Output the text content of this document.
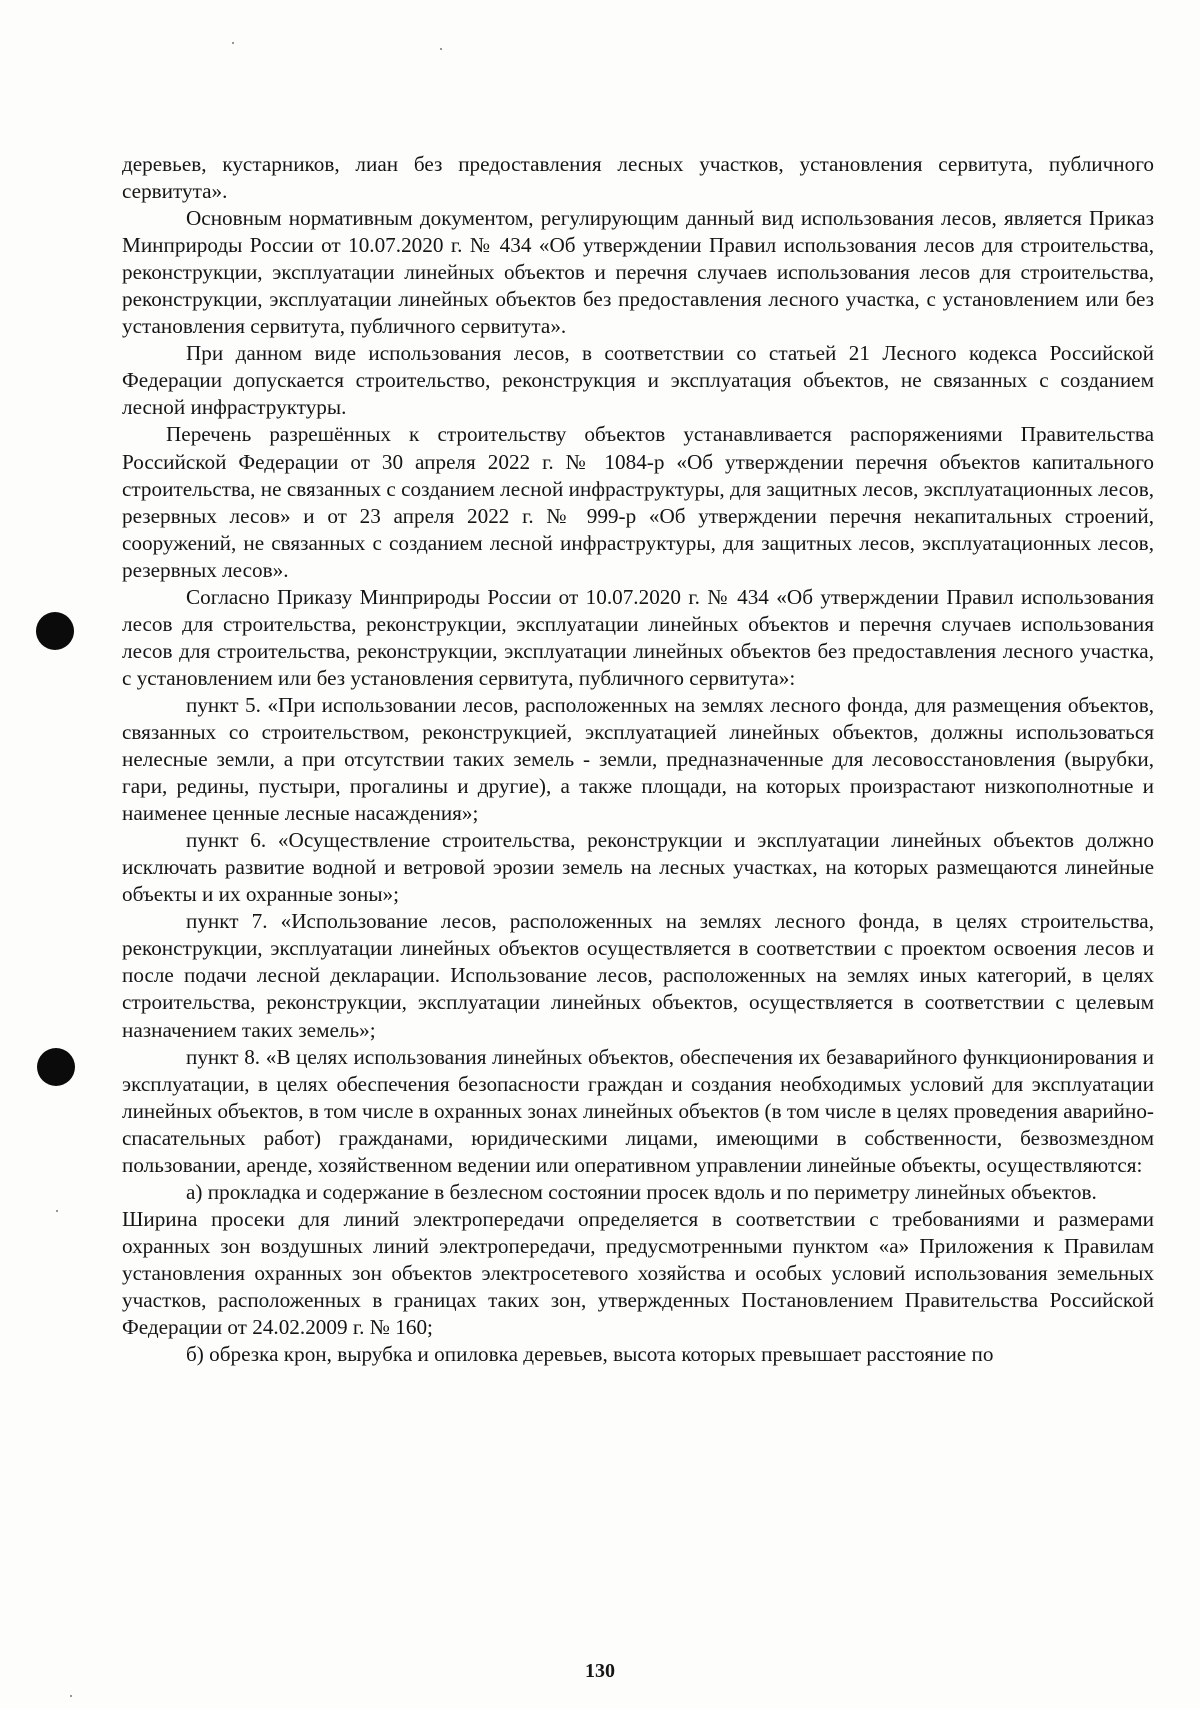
деревьев, кустарников, лиан без предоставления лесных участков, установления сервитута, публичного сервитута».

Основным нормативным документом, регулирующим данный вид использования лесов, является Приказ Минприроды России от 10.07.2020 г. № 434 «Об утверждении Правил использования лесов для строительства, реконструкции, эксплуатации линейных объектов и перечня случаев использования лесов для строительства, реконструкции, эксплуатации линейных объектов без предоставления лесного участка, с установлением или без установления сервитута, публичного сервитута».

При данном виде использования лесов, в соответствии со статьей 21 Лесного кодекса Российской Федерации допускается строительство, реконструкция и эксплуатация объектов, не связанных с созданием лесной инфраструктуры.

Перечень разрешённых к строительству объектов устанавливается распоряжениями Правительства Российской Федерации от 30 апреля 2022 г. № 1084-р «Об утверждении перечня объектов капитального строительства, не связанных с созданием лесной инфраструктуры, для защитных лесов, эксплуатационных лесов, резервных лесов» и от 23 апреля 2022 г. № 999-р «Об утверждении перечня некапитальных строений, сооружений, не связанных с созданием лесной инфраструктуры, для защитных лесов, эксплуатационных лесов, резервных лесов».

Согласно Приказу Минприроды России от 10.07.2020 г. № 434 «Об утверждении Правил использования лесов для строительства, реконструкции, эксплуатации линейных объектов и перечня случаев использования лесов для строительства, реконструкции, эксплуатации линейных объектов без предоставления лесного участка, с установлением или без установления сервитута, публичного сервитута»:

пункт 5. «При использовании лесов, расположенных на землях лесного фонда, для размещения объектов, связанных со строительством, реконструкцией, эксплуатацией линейных объектов, должны использоваться нелесные земли, а при отсутствии таких земель - земли, предназначенные для лесовосстановления (вырубки, гари, редины, пустыри, прогалины и другие), а также площади, на которых произрастают низкополнотные и наименее ценные лесные насаждения»;

пункт 6. «Осуществление строительства, реконструкции и эксплуатации линейных объектов должно исключать развитие водной и ветровой эрозии земель на лесных участках, на которых размещаются линейные объекты и их охранные зоны»;

пункт 7. «Использование лесов, расположенных на землях лесного фонда, в целях строительства, реконструкции, эксплуатации линейных объектов осуществляется в соответствии с проектом освоения лесов и после подачи лесной декларации. Использование лесов, расположенных на землях иных категорий, в целях строительства, реконструкции, эксплуатации линейных объектов, осуществляется в соответствии с целевым назначением таких земель»;

пункт 8. «В целях использования линейных объектов, обеспечения их безаварийного функционирования и эксплуатации, в целях обеспечения безопасности граждан и создания необходимых условий для эксплуатации линейных объектов, в том числе в охранных зонах линейных объектов (в том числе в целях проведения аварийно-спасательных работ) гражданами, юридическими лицами, имеющими в собственности, безвозмездном пользовании, аренде, хозяйственном ведении или оперативном управлении линейные объекты, осуществляются:

а) прокладка и содержание в безлесном состоянии просек вдоль и по периметру линейных объектов.

Ширина просеки для линий электропередачи определяется в соответствии с требованиями и размерами охранных зон воздушных линий электропередачи, предусмотренными пунктом «а» Приложения к Правилам установления охранных зон объектов электросетевого хозяйства и особых условий использования земельных участков, расположенных в границах таких зон, утвержденных Постановлением Правительства Российской Федерации от 24.02.2009 г. № 160;

б) обрезка крон, вырубка и опиловка деревьев, высота которых превышает расстояние по

130
